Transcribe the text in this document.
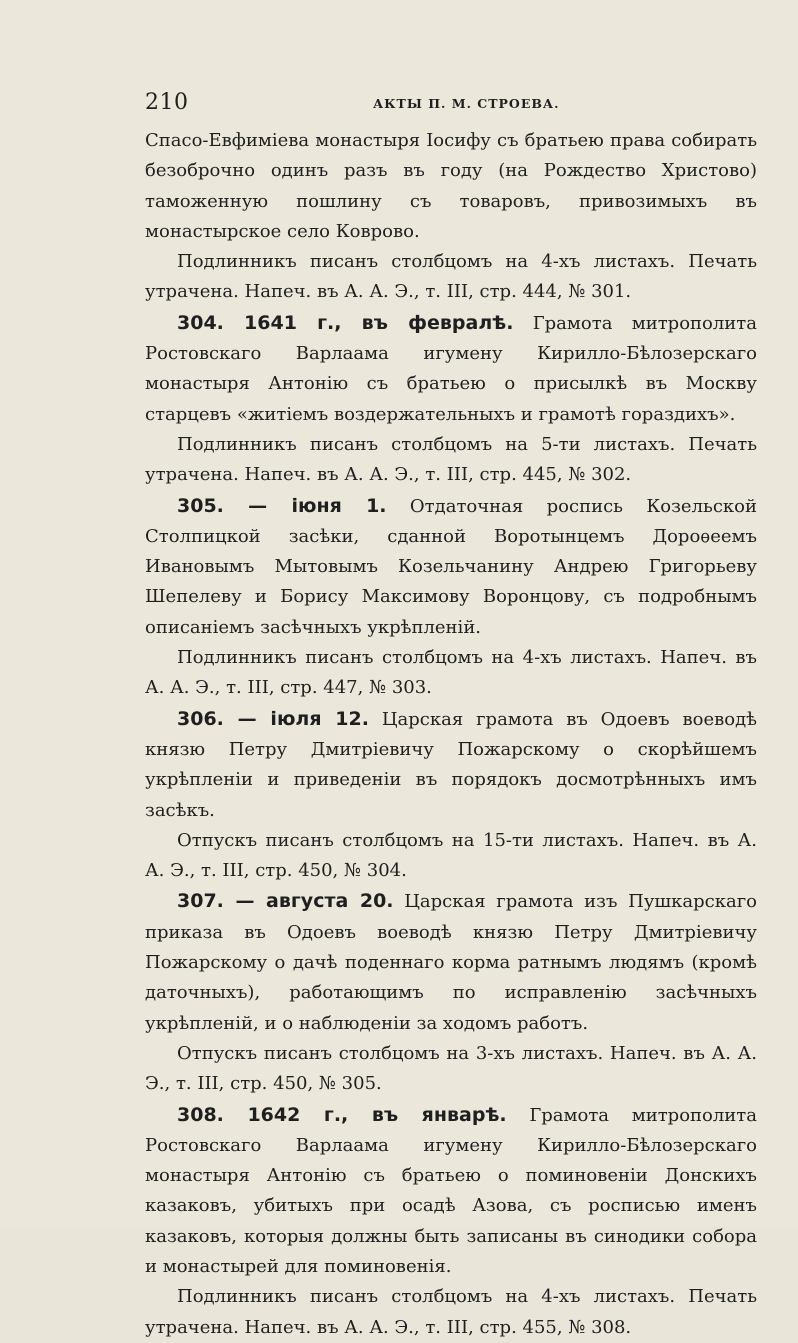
210	АКТЫ П. М. СТРОЕВА.

Спасо-Евфиміева монастыря Іосифу съ братьею права собирать безоброчно одинъ разъ въ году (на Рождество Христово) таможенную пошлину съ товаровъ, привозимыхъ въ монастырское село Коврово.

Подлинникъ писанъ столбцомъ на 4-хъ листахъ. Печать утрачена. Напеч. въ А. А. Э., т. III, стр. 444, № 301.

304. 1641 г., въ февралѣ. Грамота митрополита Ростовскаго Варлаама игумену Кирилло-Бѣлозерскаго монастыря Антонію съ братьею о присылкѣ въ Москву старцевъ «житіемъ воздержательныхъ и грамотѣ гораздихъ».

Подлинникъ писанъ столбцомъ на 5-ти листахъ. Печать утрачена. Напеч. въ А. А. Э., т. III, стр. 445, № 302.

305. — іюня 1. Отдаточная роспись Козельской Столпицкой засѣки, сданной Воротынцемъ Дороѳеемъ Ивановымъ Мытовымъ Козельчанину Андрею Григорьеву Шепелеву и Борису Максимову Воронцову, съ подробнымъ описаніемъ засѣчныхъ укрѣпленій.

Подлинникъ писанъ столбцомъ на 4-хъ листахъ. Напеч. въ А. А. Э., т. III, стр. 447, № 303.

306. — іюля 12. Царская грамота въ Одоевъ воеводѣ князю Петру Дмитріевичу Пожарскому о скорѣйшемъ укрѣпленіи и приведеніи въ порядокъ досмотрѣнныхъ имъ засѣкъ.

Отпускъ писанъ столбцомъ на 15-ти листахъ. Напеч. въ А. А. Э., т. III, стр. 450, № 304.

307. — августа 20. Царская грамота изъ Пушкарскаго приказа въ Одоевъ воеводѣ князю Петру Дмитріевичу Пожарскому о дачѣ поденнаго корма ратнымъ людямъ (кромѣ даточныхъ), работающимъ по исправленію засѣчныхъ укрѣпленій, и о наблюденіи за ходомъ работъ.

Отпускъ писанъ столбцомъ на 3-хъ листахъ. Напеч. въ А. А. Э., т. III, стр. 450, № 305.

308. 1642 г., въ январѣ. Грамота митрополита Ростовскаго Варлаама игумену Кирилло-Бѣлозерскаго монастыря Антонію съ братьею о поминовеніи Донскихъ казаковъ, убитыхъ при осадѣ Азова, съ росписью именъ казаковъ, которыя должны быть записаны въ синодики собора и монастырей для поминовенія.

Подлинникъ писанъ столбцомъ на 4-хъ листахъ. Печать утрачена. Напеч. въ А. А. Э., т. III, стр. 455, № 308.
